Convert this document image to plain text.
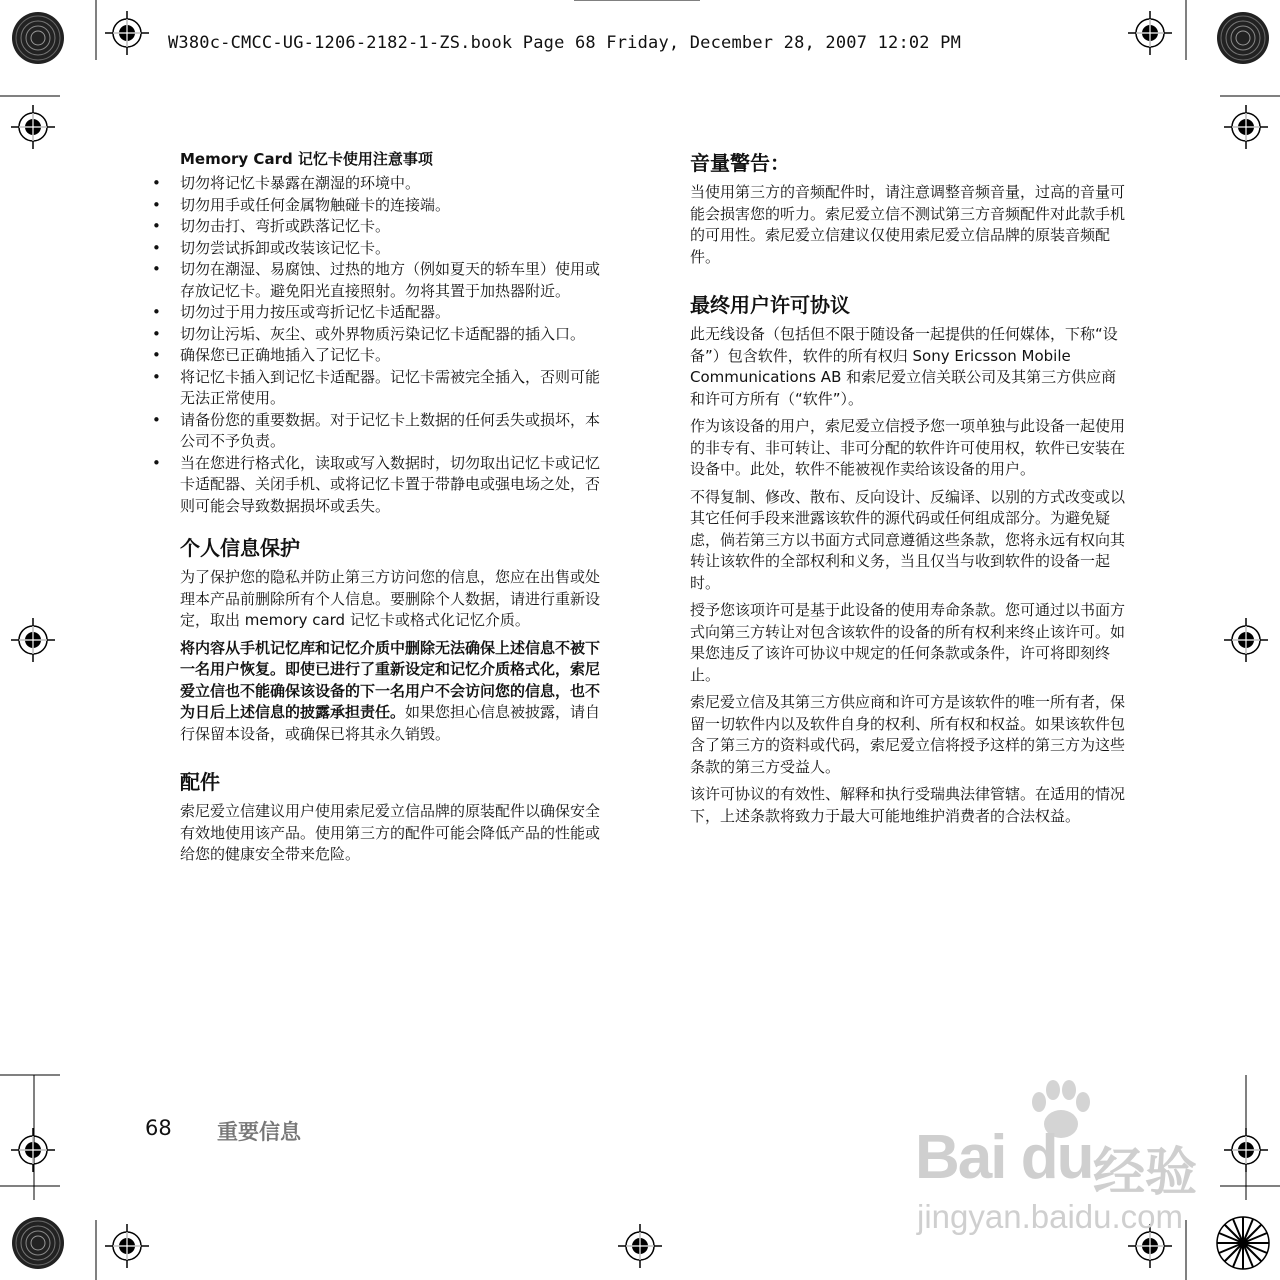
W380c-CMCC-UG-1206-2182-1-ZS.book Page 68 Friday, December 28, 2007 12:02 PM
Memory Card 记忆卡使用注意事项
• 切勿将记忆卡暴露在潮湿的环境中。
• 切勿用手或任何金属物触碰卡的连接端。
• 切勿击打、弯折或跌落记忆卡。
• 切勿尝试拆卸或改装该记忆卡。
• 切勿在潮湿、易腐蚀、过热的地方（例如夏天的轿车里）使用或存放记忆卡。避免阳光直接照射。勿将其置于加热器附近。
• 切勿过于用力按压或弯折记忆卡适配器。
• 切勿让污垢、灰尘、或外界物质污染记忆卡适配器的插入口。
• 确保您已正确地插入了记忆卡。
• 将记忆卡插入到记忆卡适配器。记忆卡需被完全插入，否则可能无法正常使用。
• 请备份您的重要数据。对于记忆卡上数据的任何丢失或损坏，本公司不予负责。
• 当在您进行格式化，读取或写入数据时，切勿取出记忆卡或记忆卡适配器、关闭手机、或将记忆卡置于带静电或强电场之处，否则可能会导致数据损坏或丢失。
个人信息保护

为了保护您的隐私并防止第三方访问您的信息，您应在出售或处理本产品前删除所有个人信息。要删除个人数据，请进行重新设定，取出 memory card 记忆卡或格式化记忆介质。

将内容从手机记忆库和记忆介质中删除无法确保上述信息不被下一名用户恢复。即使已进行了重新设定和记忆介质格式化，索尼爱立信也不能确保该设备的下一名用户不会访问您的信息，也不为日后上述信息的披露承担责任。如果您担心信息被披露，请自行保留本设备，或确保已将其永久销毁。

配件

索尼爱立信建议用户使用索尼爱立信品牌的原装配件以确保安全有效地使用该产品。使用第三方的配件可能会降低产品的性能或给您的健康安全带来危险。

音量警告：

当使用第三方的音频配件时，请注意调整音频音量，过高的音量可能会损害您的听力。索尼爱立信不测试第三方音频配件对此款手机的可用性。索尼爱立信建议仅使用索尼爱立信品牌的原装音频配件。

最终用户许可协议

此无线设备（包括但不限于随设备一起提供的任何媒体，下称“设备”）包含软件，软件的所有权归 Sony Ericsson Mobile Communications AB 和索尼爱立信关联公司及其第三方供应商和许可方所有（“软件”）。

作为该设备的用户，索尼爱立信授予您一项单独与此设备一起使用的非专有、非可转让、非可分配的软件许可使用权，软件已安装在设备中。此处，软件不能被视作卖给该设备的用户。

不得复制、修改、散布、反向设计、反编译、以别的方式改变或以其它任何手段来泄露该软件的源代码或任何组成部分。为避免疑虑，倘若第三方以书面方式同意遵循这些条款，您将永远有权向其转让该软件的全部权利和义务，当且仅当与收到软件的设备一起时。

授予您该项许可是基于此设备的使用寿命条款。您可通过以书面方式向第三方转让对包含该软件的设备的所有权利来终止该许可。如果您违反了该许可协议中规定的任何条款或条件，许可将即刻终止。

索尼爱立信及其第三方供应商和许可方是该软件的唯一所有者，保留一切软件内以及软件自身的权利、所有权和权益。如果该软件包含了第三方的资料或代码，索尼爱立信将授予这样的第三方为这些条款的第三方受益人。

该许可协议的有效性、解释和执行受瑞典法律管辖。在适用的情况下，上述条款将致力于最大可能地维护消费者的合法权益。

68 重要信息	Bai du 经验
jingyan.baidu.com
